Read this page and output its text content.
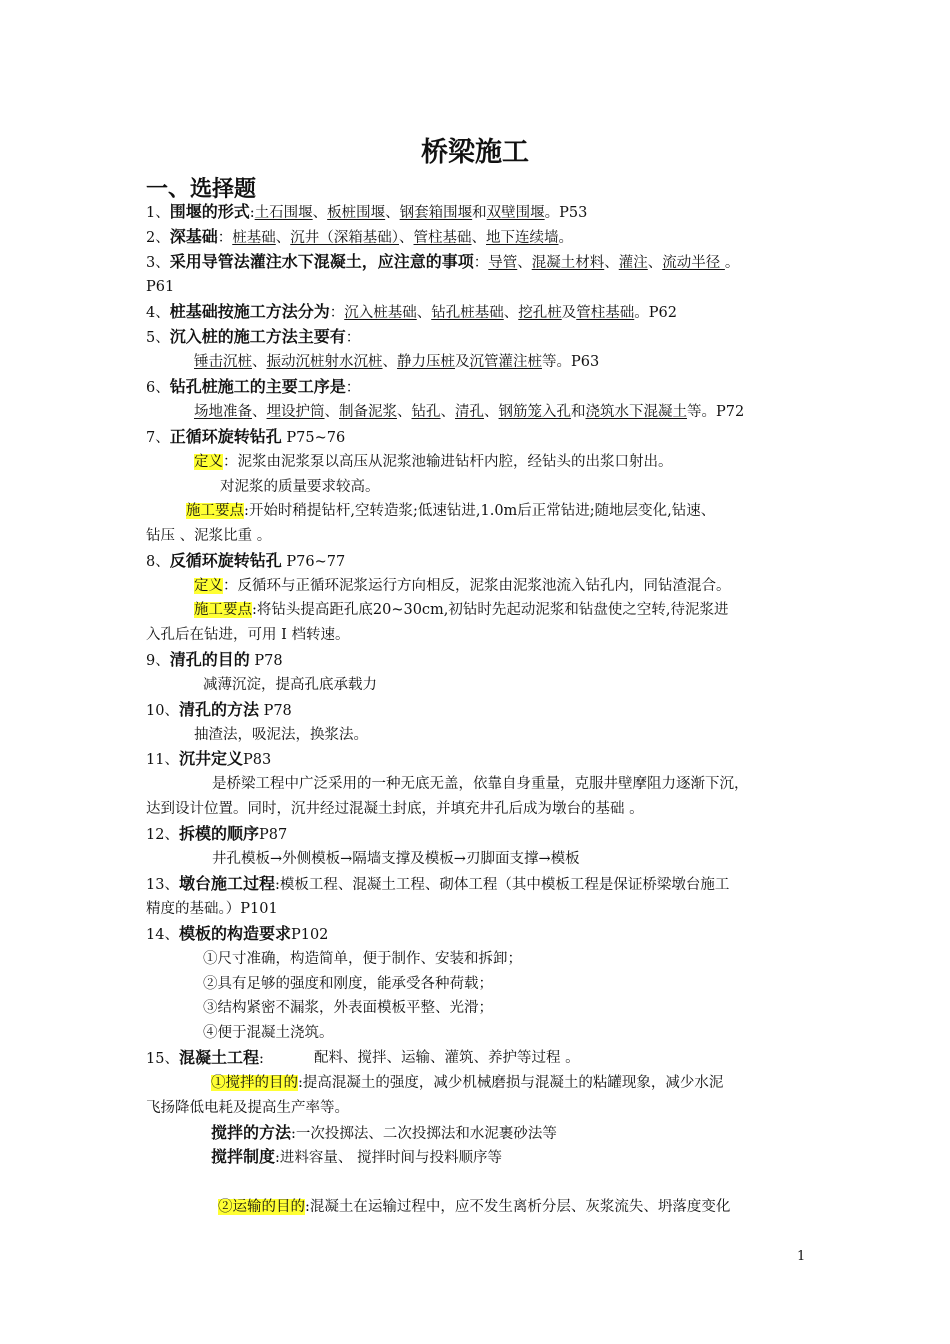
桥梁施工
一、选择题
1、围堰的形式:土石围堰、板桩围堰、钢套箱围堰和双壁围堰。P53
2、深基础：桩基础、沉井（深箱基础）、管柱基础、地下连续墙。
3、采用导管法灌注水下混凝土，应注意的事项：导管、混凝土材料、灌注、流动半径 。
P61
4、桩基础按施工方法分为：沉入桩基础、钻孔桩基础、挖孔桩及管柱基础。P62
5、沉入桩的施工方法主要有：
锤击沉桩、振动沉桩射水沉桩、静力压桩及沉管灌注桩等。P63
6、钻孔桩施工的主要工序是：
场地准备、埋设护筒、制备泥浆、钻孔、清孔、钢筋笼入孔和浇筑水下混凝土等。P72
7、正循环旋转钻孔 P75~76
定义：泥浆由泥浆泵以高压从泥浆池输进钻杆内腔，经钻头的出浆口射出。
对泥浆的质量要求较高。
施工要点:开始时稍提钻杆,空转造浆;低速钻进,1.0m后正常钻进;随地层变化,钻速、
钻压 、泥浆比重 。
8、反循环旋转钻孔 P76~77
定义：反循环与正循环泥浆运行方向相反，泥浆由泥浆池流入钻孔内，同钻渣混合。
施工要点:将钻头提高距孔底20~30cm,初钻时先起动泥浆和钻盘使之空转,待泥浆进
入孔后在钻进，可用 I 档转速。
9、清孔的目的 P78
减薄沉淀，提高孔底承载力
10、清孔的方法 P78
抽渣法，吸泥法，换浆法。
11、沉井定义P83
是桥梁工程中广泛采用的一种无底无盖，依靠自身重量，克服井壁摩阻力逐渐下沉，
达到设计位置。同时，沉井经过混凝土封底，并填充井孔后成为墩台的基础 。
12、拆模的顺序P87
井孔模板→外侧模板→隔墙支撑及模板→刃脚面支撑→模板
13、墩台施工过程:模板工程、混凝土工程、砌体工程（其中模板工程是保证桥梁墩台施工
精度的基础。）P101
14、模板的构造要求P102
①尺寸准确，构造简单，便于制作、安装和拆卸；
②具有足够的强度和刚度，能承受各种荷载；
③结构紧密不漏浆，外表面模板平整、光滑；
④便于混凝土浇筑。
15、混凝土工程:	配料、搅拌、运输、灌筑、养护等过程 。
①搅拌的目的:提高混凝土的强度，减少机械磨损与混凝土的粘罐现象，减少水泥
飞扬降低电耗及提高生产率等。
搅拌的方法:一次投掷法、二次投掷法和水泥裹砂法等
搅拌制度:进料容量、 搅拌时间与投料顺序等
②运输的目的:混凝土在运输过程中，应不发生离析分层、灰浆流失、坍落度变化
1
